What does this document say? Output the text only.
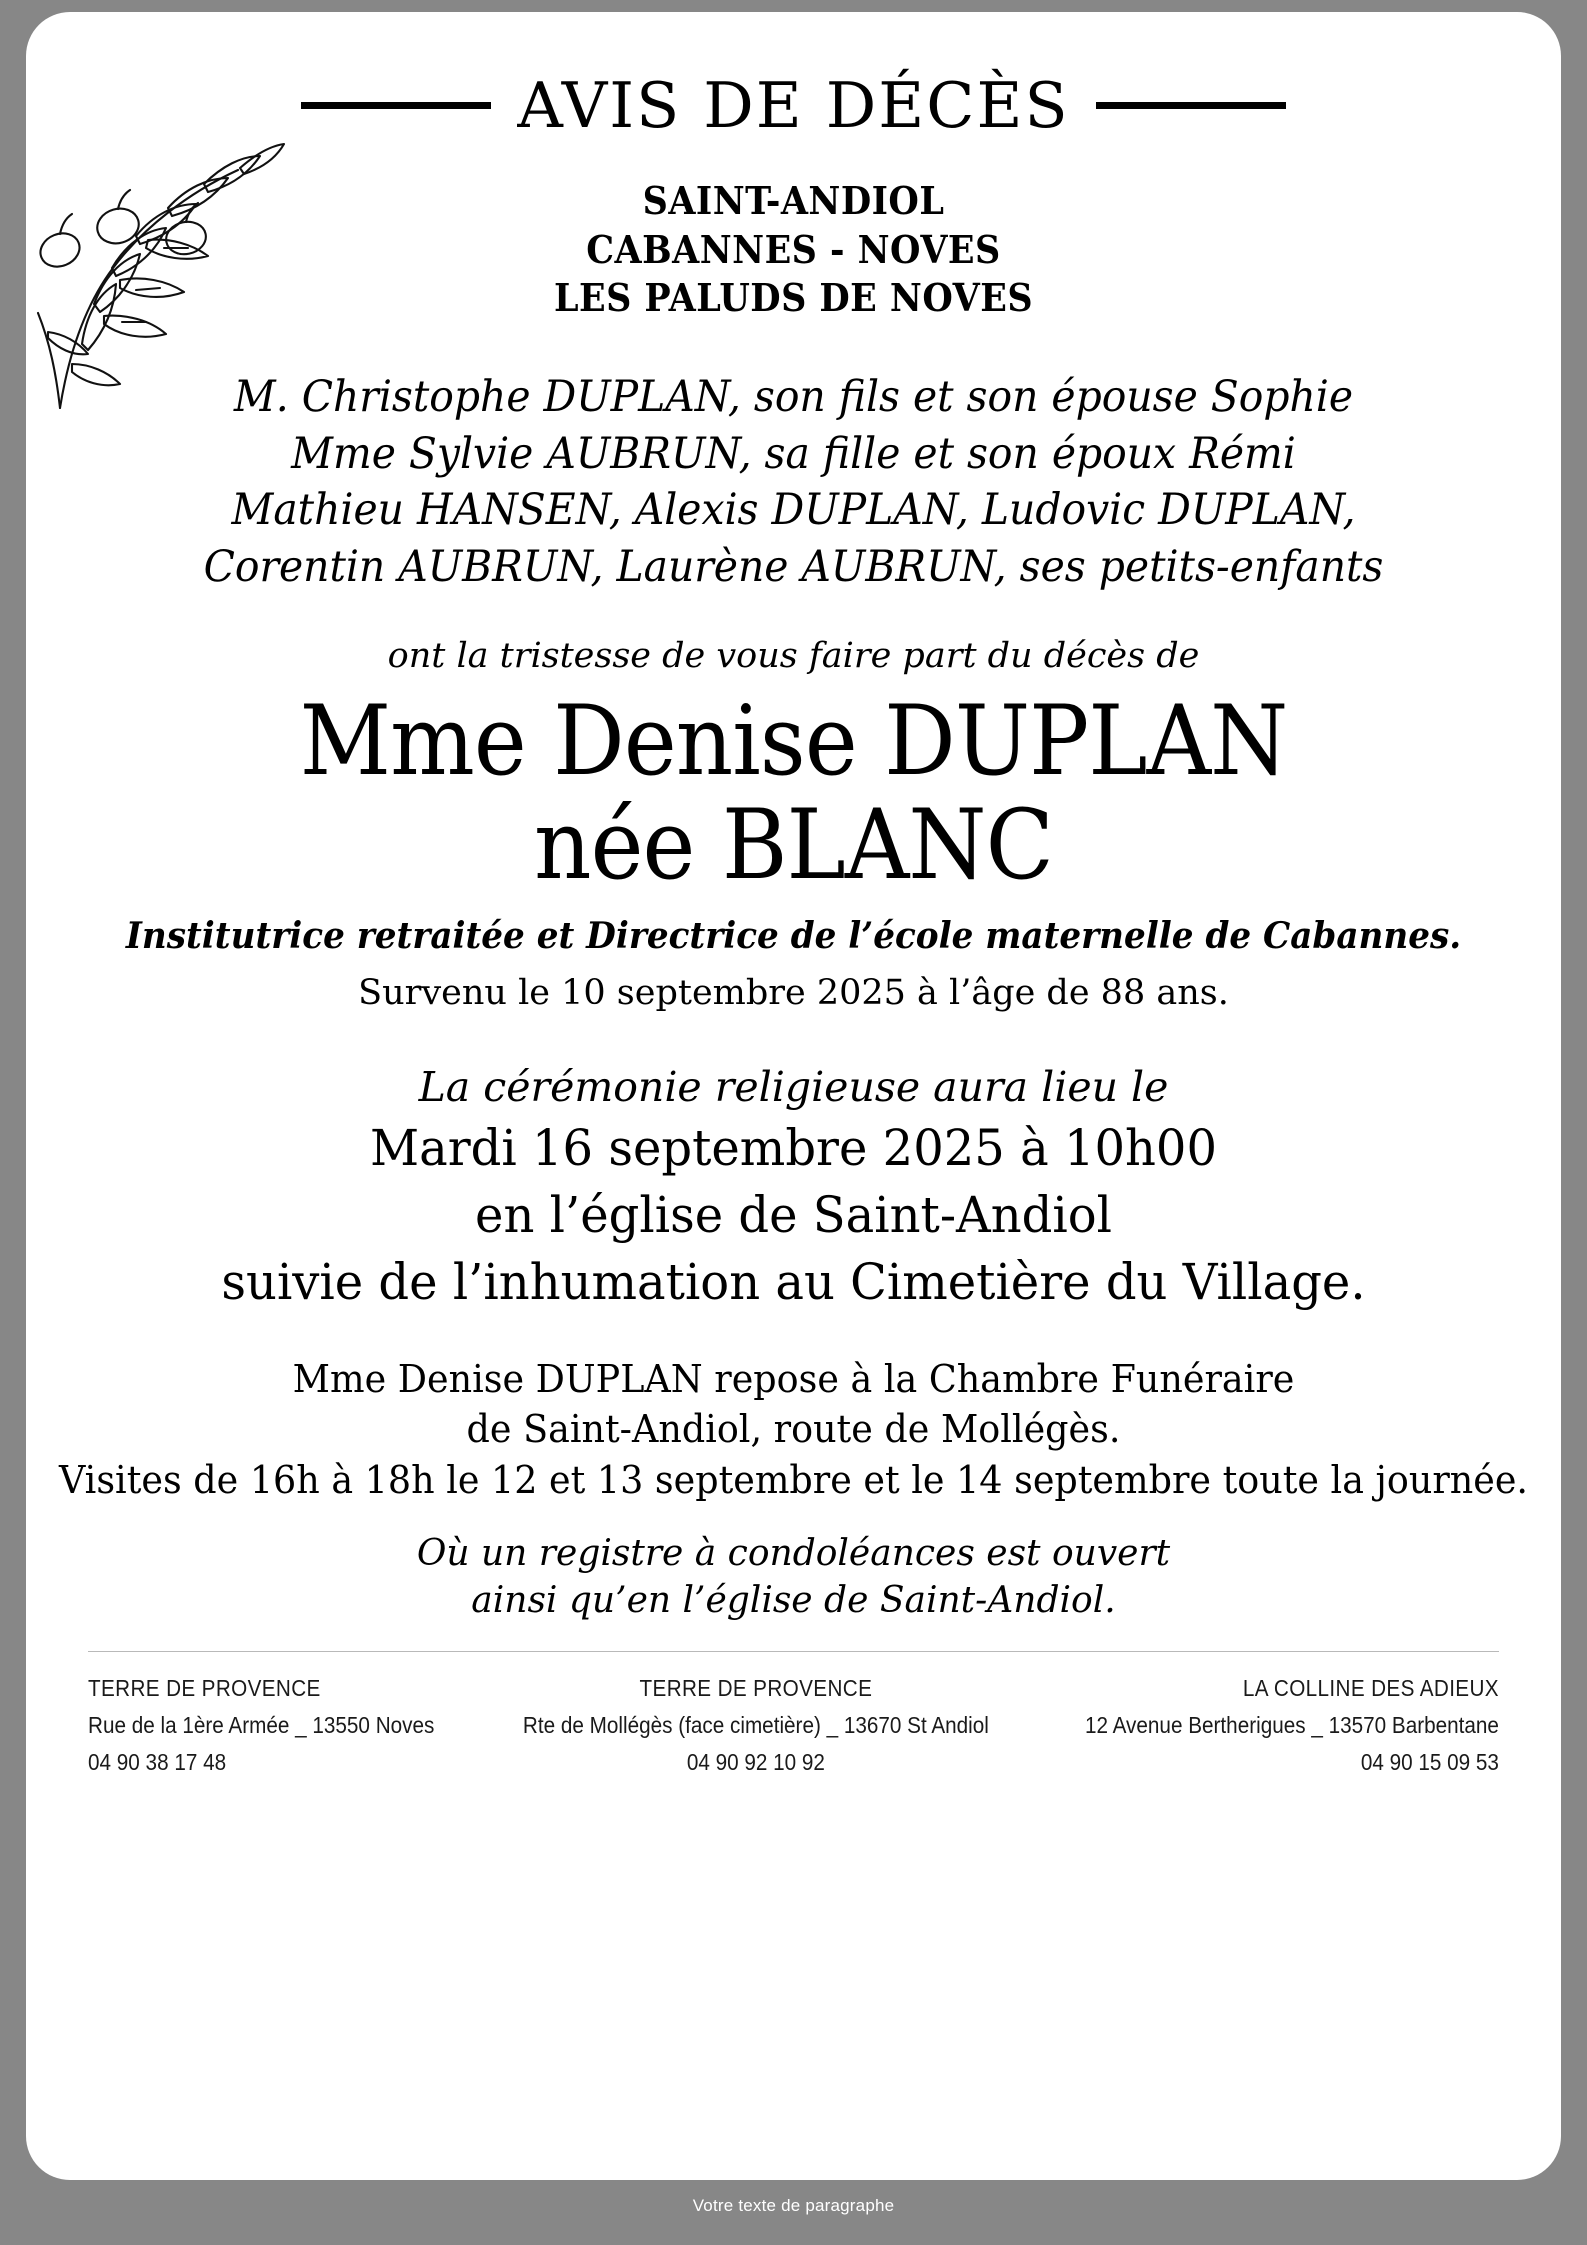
AVIS DE DÉCÈS
SAINT-ANDIOL
CABANNES - NOVES
LES PALUDS DE NOVES
M. Christophe DUPLAN, son fils et son épouse Sophie
Mme Sylvie AUBRUN, sa fille et son époux Rémi
Mathieu HANSEN, Alexis DUPLAN, Ludovic DUPLAN,
Corentin AUBRUN, Laurène AUBRUN, ses petits-enfants
ont la tristesse de vous faire part du décès de
Mme Denise DUPLAN
née BLANC
Institutrice retraitée et Directrice de l’école maternelle de Cabannes.
Survenu le 10 septembre 2025 à l’âge de 88 ans.
La cérémonie religieuse aura lieu le
Mardi 16 septembre 2025 à 10h00
en l’église de Saint-Andiol
suivie de l’inhumation au Cimetière du Village.
Mme Denise DUPLAN repose à la Chambre Funéraire
de Saint-Andiol, route de Mollégès.
Visites de 16h à 18h le 12 et 13 septembre et le 14 septembre toute la journée.
Où un registre à condoléances est ouvert
ainsi qu’en l’église de Saint-Andiol.
TERRE DE PROVENCE
Rue de la 1ère Armée _ 13550 Noves
04 90 38 17 48
TERRE DE PROVENCE
Rte de Mollégès (face cimetière) _ 13670 St Andiol
04 90 92 10 92
LA COLLINE DES ADIEUX
12 Avenue Bertherigues _ 13570 Barbentane
04 90 15 09 53
Votre texte de paragraphe
